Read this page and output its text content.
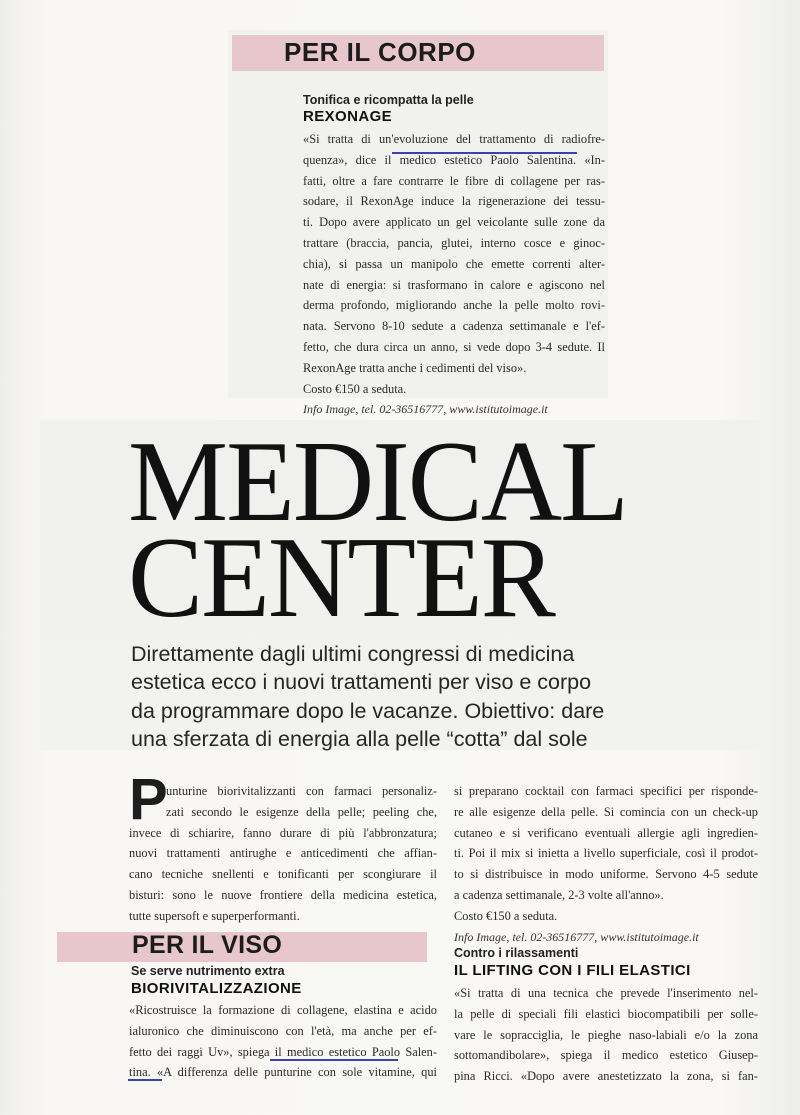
PER IL CORPO
Tonifica e ricompatta la pelle
REXONAGE
«Si tratta di un'evoluzione del trattamento di radiofre-
quenza», dice il medico estetico Paolo Salentina. «In-
fatti, oltre a fare contrarre le fibre di collagene per ras-
sodare, il RexonAge induce la rigenerazione dei tessu-
ti. Dopo avere applicato un gel veicolante sulle zone da
trattare (braccia, pancia, glutei, interno cosce e ginoc-
chia), si passa un manipolo che emette correnti alter-
nate di energia: si trasformano in calore e agiscono nel
derma profondo, migliorando anche la pelle molto rovi-
nata. Servono 8-10 sedute a cadenza settimanale e l'ef-
fetto, che dura circa un anno, si vede dopo 3-4 sedute. Il
RexonAge tratta anche i cedimenti del viso».
Costo €150 a seduta.
Info Image, tel. 02-36516777, www.istitutoimage.it
MEDICAL
CENTER
Direttamente dagli ultimi congressi di medicina
estetica ecco i nuovi trattamenti per viso e corpo
da programmare dopo le vacanze. Obiettivo: dare
una sferzata di energia alla pelle “cotta” dal sole
P
unturine biorivitalizzanti con farmaci personaliz-
zati secondo le esigenze della pelle; peeling che,
invece di schiarire, fanno durare di più l'abbronzatura;
nuovi trattamenti antirughe e anticedimenti che affian-
cano tecniche snellenti e tonificanti per scongiurare il
bisturi: sono le nuove frontiere della medicina estetica,
tutte supersoft e superperformanti.
si preparano cocktail con farmaci specifici per risponde-
re alle esigenze della pelle. Si comincia con un check-up
cutaneo e si verificano eventuali allergie agli ingredien-
ti. Poi il mix si inietta a livello superficiale, così il prodot-
to si distribuisce in modo uniforme. Servono 4-5 sedute
a cadenza settimanale, 2-3 volte all'anno».
Costo €150 a seduta.
Info Image, tel. 02-36516777, www.istitutoimage.it
PER IL VISO
Se serve nutrimento extra
BIORIVITALIZZAZIONE
«Ricostruisce la formazione di collagene, elastina e acido
ialuronico che diminuiscono con l'età, ma anche per ef-
fetto dei raggi Uv», spiega il medico estetico Paolo Salen-
tina. «A differenza delle punturine con sole vitamine, qui
Contro i rilassamenti
IL LIFTING CON I FILI ELASTICI
«Si tratta di una tecnica che prevede l'inserimento nel-
la pelle di speciali fili elastici biocompatibili per solle-
vare le sopracciglia, le pieghe naso-labiali e/o la zona
sottomandibolare», spiega il medico estetico Giusep-
pina Ricci. «Dopo avere anestetizzato la zona, si fan-
